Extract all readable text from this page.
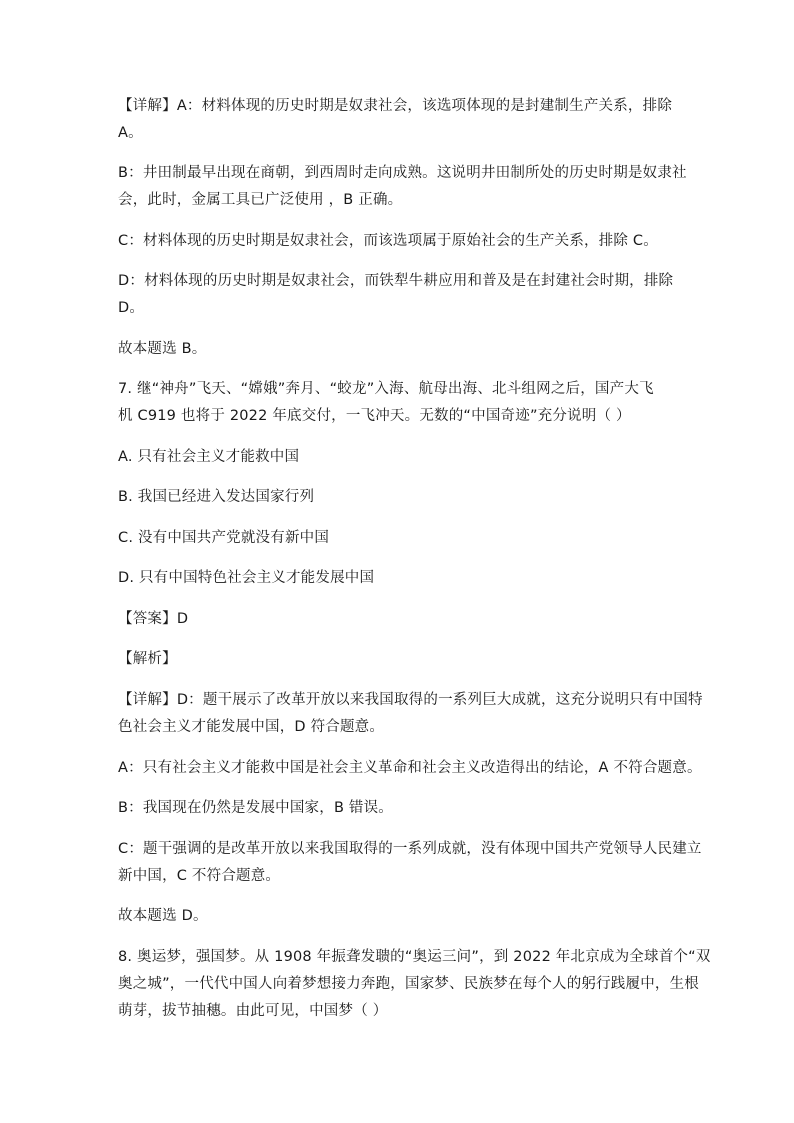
【详解】A：材料体现的历史时期是奴隶社会，该选项体现的是封建制生产关系，排除
A。
B：井田制最早出现在商朝，到西周时走向成熟。这说明井田制所处的历史时期是奴隶社
会，此时，金属工具已广泛使用 ，B 正确。
C：材料体现的历史时期是奴隶社会，而该选项属于原始社会的生产关系，排除 C。
D：材料体现的历史时期是奴隶社会，而铁犁牛耕应用和普及是在封建社会时期，排除
D。
故本题选 B。
7. 继“神舟”飞天、“嫦娥”奔月、“蛟龙”入海、航母出海、北斗组网之后，国产大飞
机 C919 也将于 2022 年底交付，一飞冲天。无数的“中国奇迹”充分说明（ ）
A. 只有社会主义才能救中国
B. 我国已经进入发达国家行列
C. 没有中国共产党就没有新中国
D. 只有中国特色社会主义才能发展中国
【答案】D
【解析】
【详解】D：题干展示了改革开放以来我国取得的一系列巨大成就，这充分说明只有中国特
色社会主义才能发展中国，D 符合题意。
A：只有社会主义才能救中国是社会主义革命和社会主义改造得出的结论，A 不符合题意。
B：我国现在仍然是发展中国家，B 错误。
C：题干强调的是改革开放以来我国取得的一系列成就，没有体现中国共产党领导人民建立
新中国，C 不符合题意。
故本题选 D。
8. 奥运梦，强国梦。从 1908 年振聋发聩的“奥运三问”，到 2022 年北京成为全球首个“双
奥之城”，一代代中国人向着梦想接力奔跑，国家梦、民族梦在每个人的躬行践履中，生根
萌芽，拔节抽穗。由此可见，中国梦（ ）
